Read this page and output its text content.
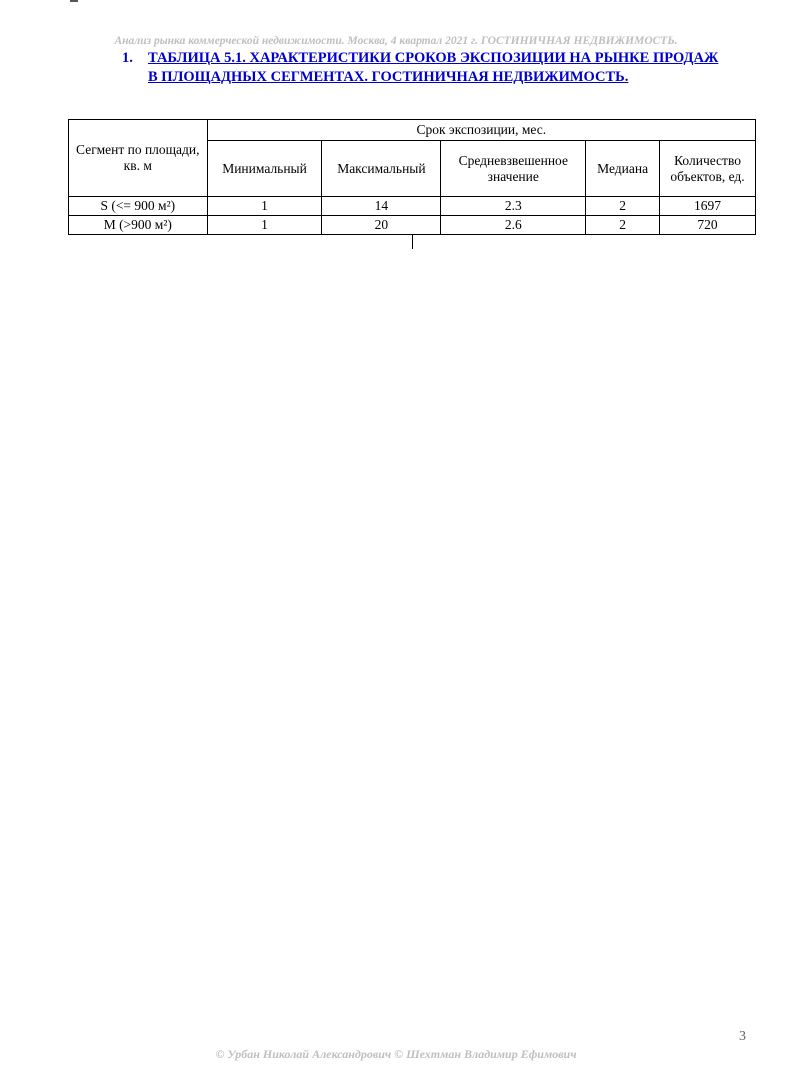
Анализ рынка коммерческой недвижимости. Москва, 4 квартал 2021 г. ГОСТИНИЧНАЯ НЕДВИЖИМОСТЬ.
1. ТАБЛИЦА 5.1. ХАРАКТЕРИСТИКИ СРОКОВ ЭКСПОЗИЦИИ НА РЫНКЕ ПРОДАЖ В ПЛОЩАДНЫХ СЕГМЕНТАХ. ГОСТИНИЧНАЯ НЕДВИЖИМОСТЬ.
Сегмент по площади, кв. м	Срок экспозиции, мес.				
	Минимальный	Максимальный	Средневзвешенное значение	Медиана	Количество объектов, ед.
S (<= 900 м²)	1	14	2.3	2	1697
M (>900 м²)	1	20	2.6	2	720
3
© Урбан Николай Александрович © Шехтман Владимир Ефимович
